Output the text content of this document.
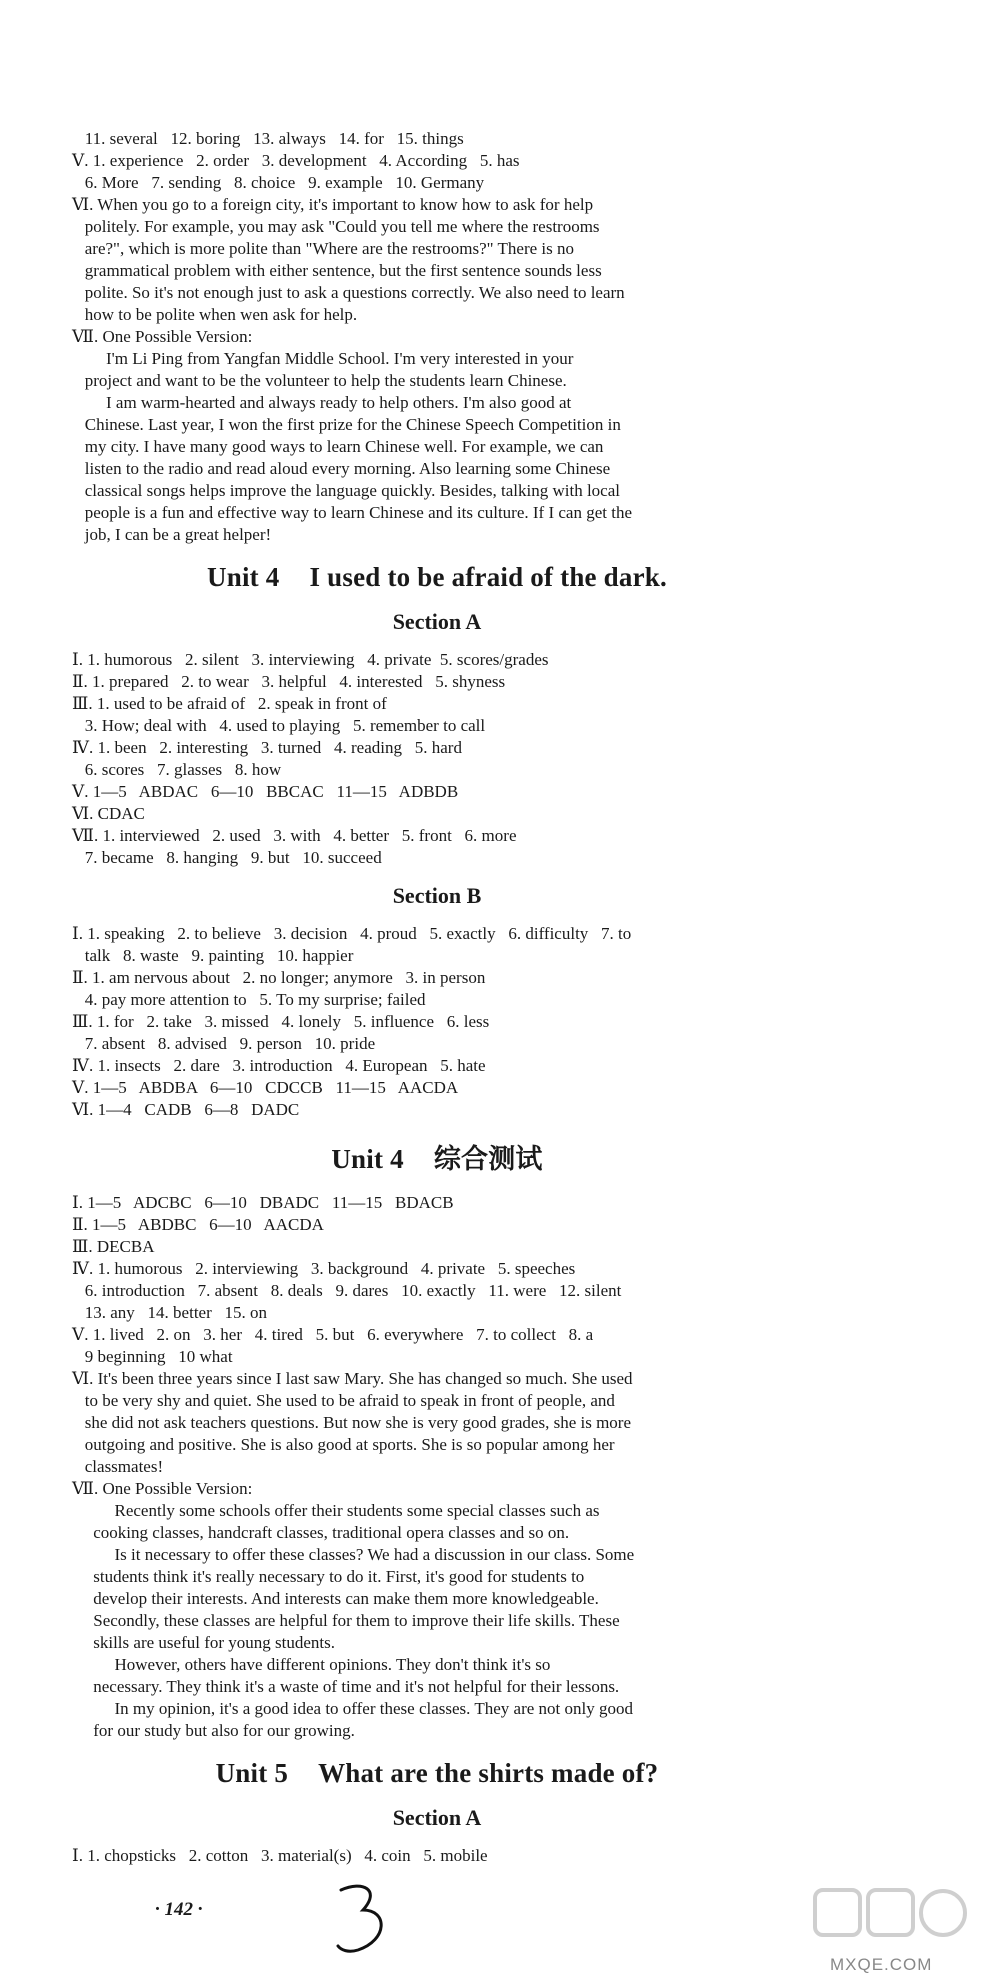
11. several   12. boring   13. always   14. for   15. things
Ⅴ. 1. experience   2. order   3. development   4. According   5. has
6. More   7. sending   8. choice   9. example   10. Germany
Ⅵ. When you go to a foreign city, it's important to know how to ask for help
politely. For example, you may ask "Could you tell me where the restrooms
are?", which is more polite than "Where are the restrooms?" There is no
grammatical problem with either sentence, but the first sentence sounds less
polite. So it's not enough just to ask a questions correctly. We also need to learn
how to be polite when wen ask for help.
Ⅶ. One Possible Version:
I'm Li Ping from Yangfan Middle School. I'm very interested in your
project and want to be the volunteer to help the students learn Chinese.
I am warm-hearted and always ready to help others. I'm also good at
Chinese. Last year, I won the first prize for the Chinese Speech Competition in
my city. I have many good ways to learn Chinese well. For example, we can
listen to the radio and read aloud every morning. Also learning some Chinese
classical songs helps improve the language quickly. Besides, talking with local
people is a fun and effective way to learn Chinese and its culture. If I can get the
job, I can be a great helper!
Unit 4 I used to be afraid of the dark.
Section A
Ⅰ. 1. humorous   2. silent   3. interviewing   4. private  5. scores/grades
Ⅱ. 1. prepared   2. to wear   3. helpful   4. interested   5. shyness
Ⅲ. 1. used to be afraid of   2. speak in front of
3. How; deal with   4. used to playing   5. remember to call
Ⅳ. 1. been   2. interesting   3. turned   4. reading   5. hard
6. scores   7. glasses   8. how
Ⅴ. 1—5   ABDAC   6—10   BBCAC   11—15   ADBDB
Ⅵ. CDAC
Ⅶ. 1. interviewed   2. used   3. with   4. better   5. front   6. more
7. became   8. hanging   9. but   10. succeed
Section B
Ⅰ. 1. speaking   2. to believe   3. decision   4. proud   5. exactly   6. difficulty   7. to
talk   8. waste   9. painting   10. happier
Ⅱ. 1. am nervous about   2. no longer; anymore   3. in person
4. pay more attention to   5. To my surprise; failed
Ⅲ. 1. for   2. take   3. missed   4. lonely   5. influence   6. less
7. absent   8. advised   9. person   10. pride
Ⅳ. 1. insects   2. dare   3. introduction   4. European   5. hate
Ⅴ. 1—5   ABDBA   6—10   CDCCB   11—15   AACDA
Ⅵ. 1—4   CADB   6—8   DADC
Unit 4 综合测试
Ⅰ. 1—5   ADCBC   6—10   DBADC   11—15   BDACB
Ⅱ. 1—5   ABDBC   6—10   AACDA
Ⅲ. DECBA
Ⅳ. 1. humorous   2. interviewing   3. background   4. private   5. speeches
6. introduction   7. absent   8. deals   9. dares   10. exactly   11. were   12. silent
13. any   14. better   15. on
Ⅴ. 1. lived   2. on   3. her   4. tired   5. but   6. everywhere   7. to collect   8. a
9 beginning   10 what
Ⅵ. It's been three years since I last saw Mary. She has changed so much. She used
to be very shy and quiet. She used to be afraid to speak in front of people, and
she did not ask teachers questions. But now she is very good grades, she is more
outgoing and positive. She is also good at sports. She is so popular among her
classmates!
Ⅶ. One Possible Version:
Recently some schools offer their students some special classes such as
cooking classes, handcraft classes, traditional opera classes and so on.
Is it necessary to offer these classes? We had a discussion in our class. Some
students think it's really necessary to do it. First, it's good for students to
develop their interests. And interests can make them more knowledgeable.
Secondly, these classes are helpful for them to improve their life skills. These
skills are useful for young students.
However, others have different opinions. They don't think it's so
necessary. They think it's a waste of time and it's not helpful for their lessons.
In my opinion, it's a good idea to offer these classes. They are not only good
for our study but also for our growing.
Unit 5 What are the shirts made of?
Section A
Ⅰ. 1. chopsticks   2. cotton   3. material(s)   4. coin   5. mobile
· 142 ·
MXQE.COM
